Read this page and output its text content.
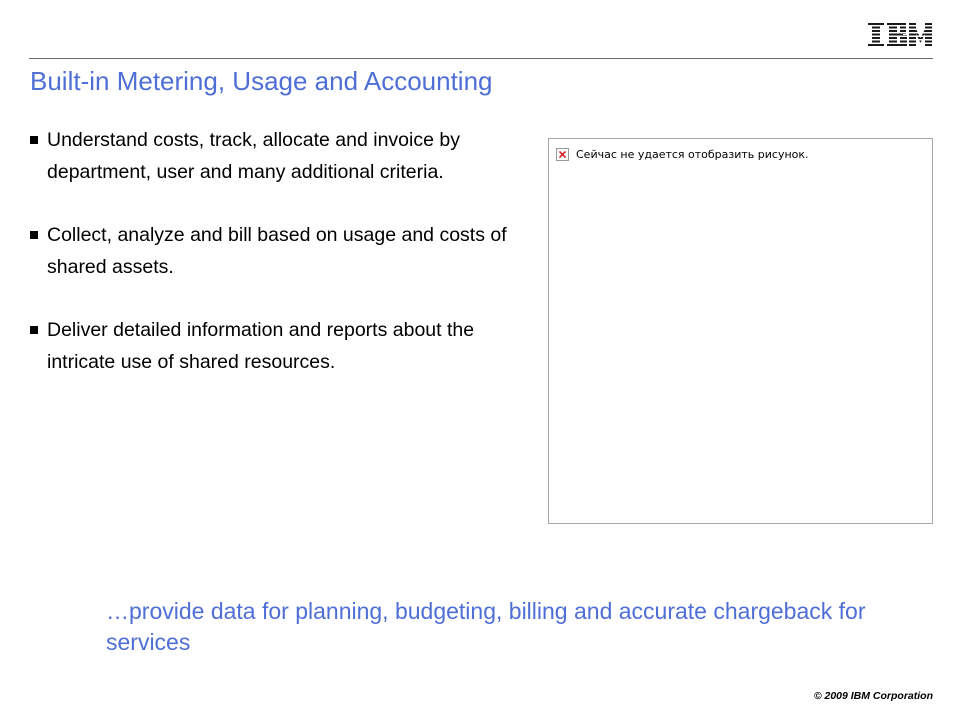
Built-in Metering, Usage and Accounting
Understand costs, track, allocate and invoice by department, user and many additional criteria.
Collect, analyze and bill based on usage and costs of shared assets.
Deliver detailed information and reports about the intricate use of shared resources.
Сейчас не удается отобразить рисунок.
…provide data for planning, budgeting, billing and accurate chargeback for services
© 2009 IBM Corporation
